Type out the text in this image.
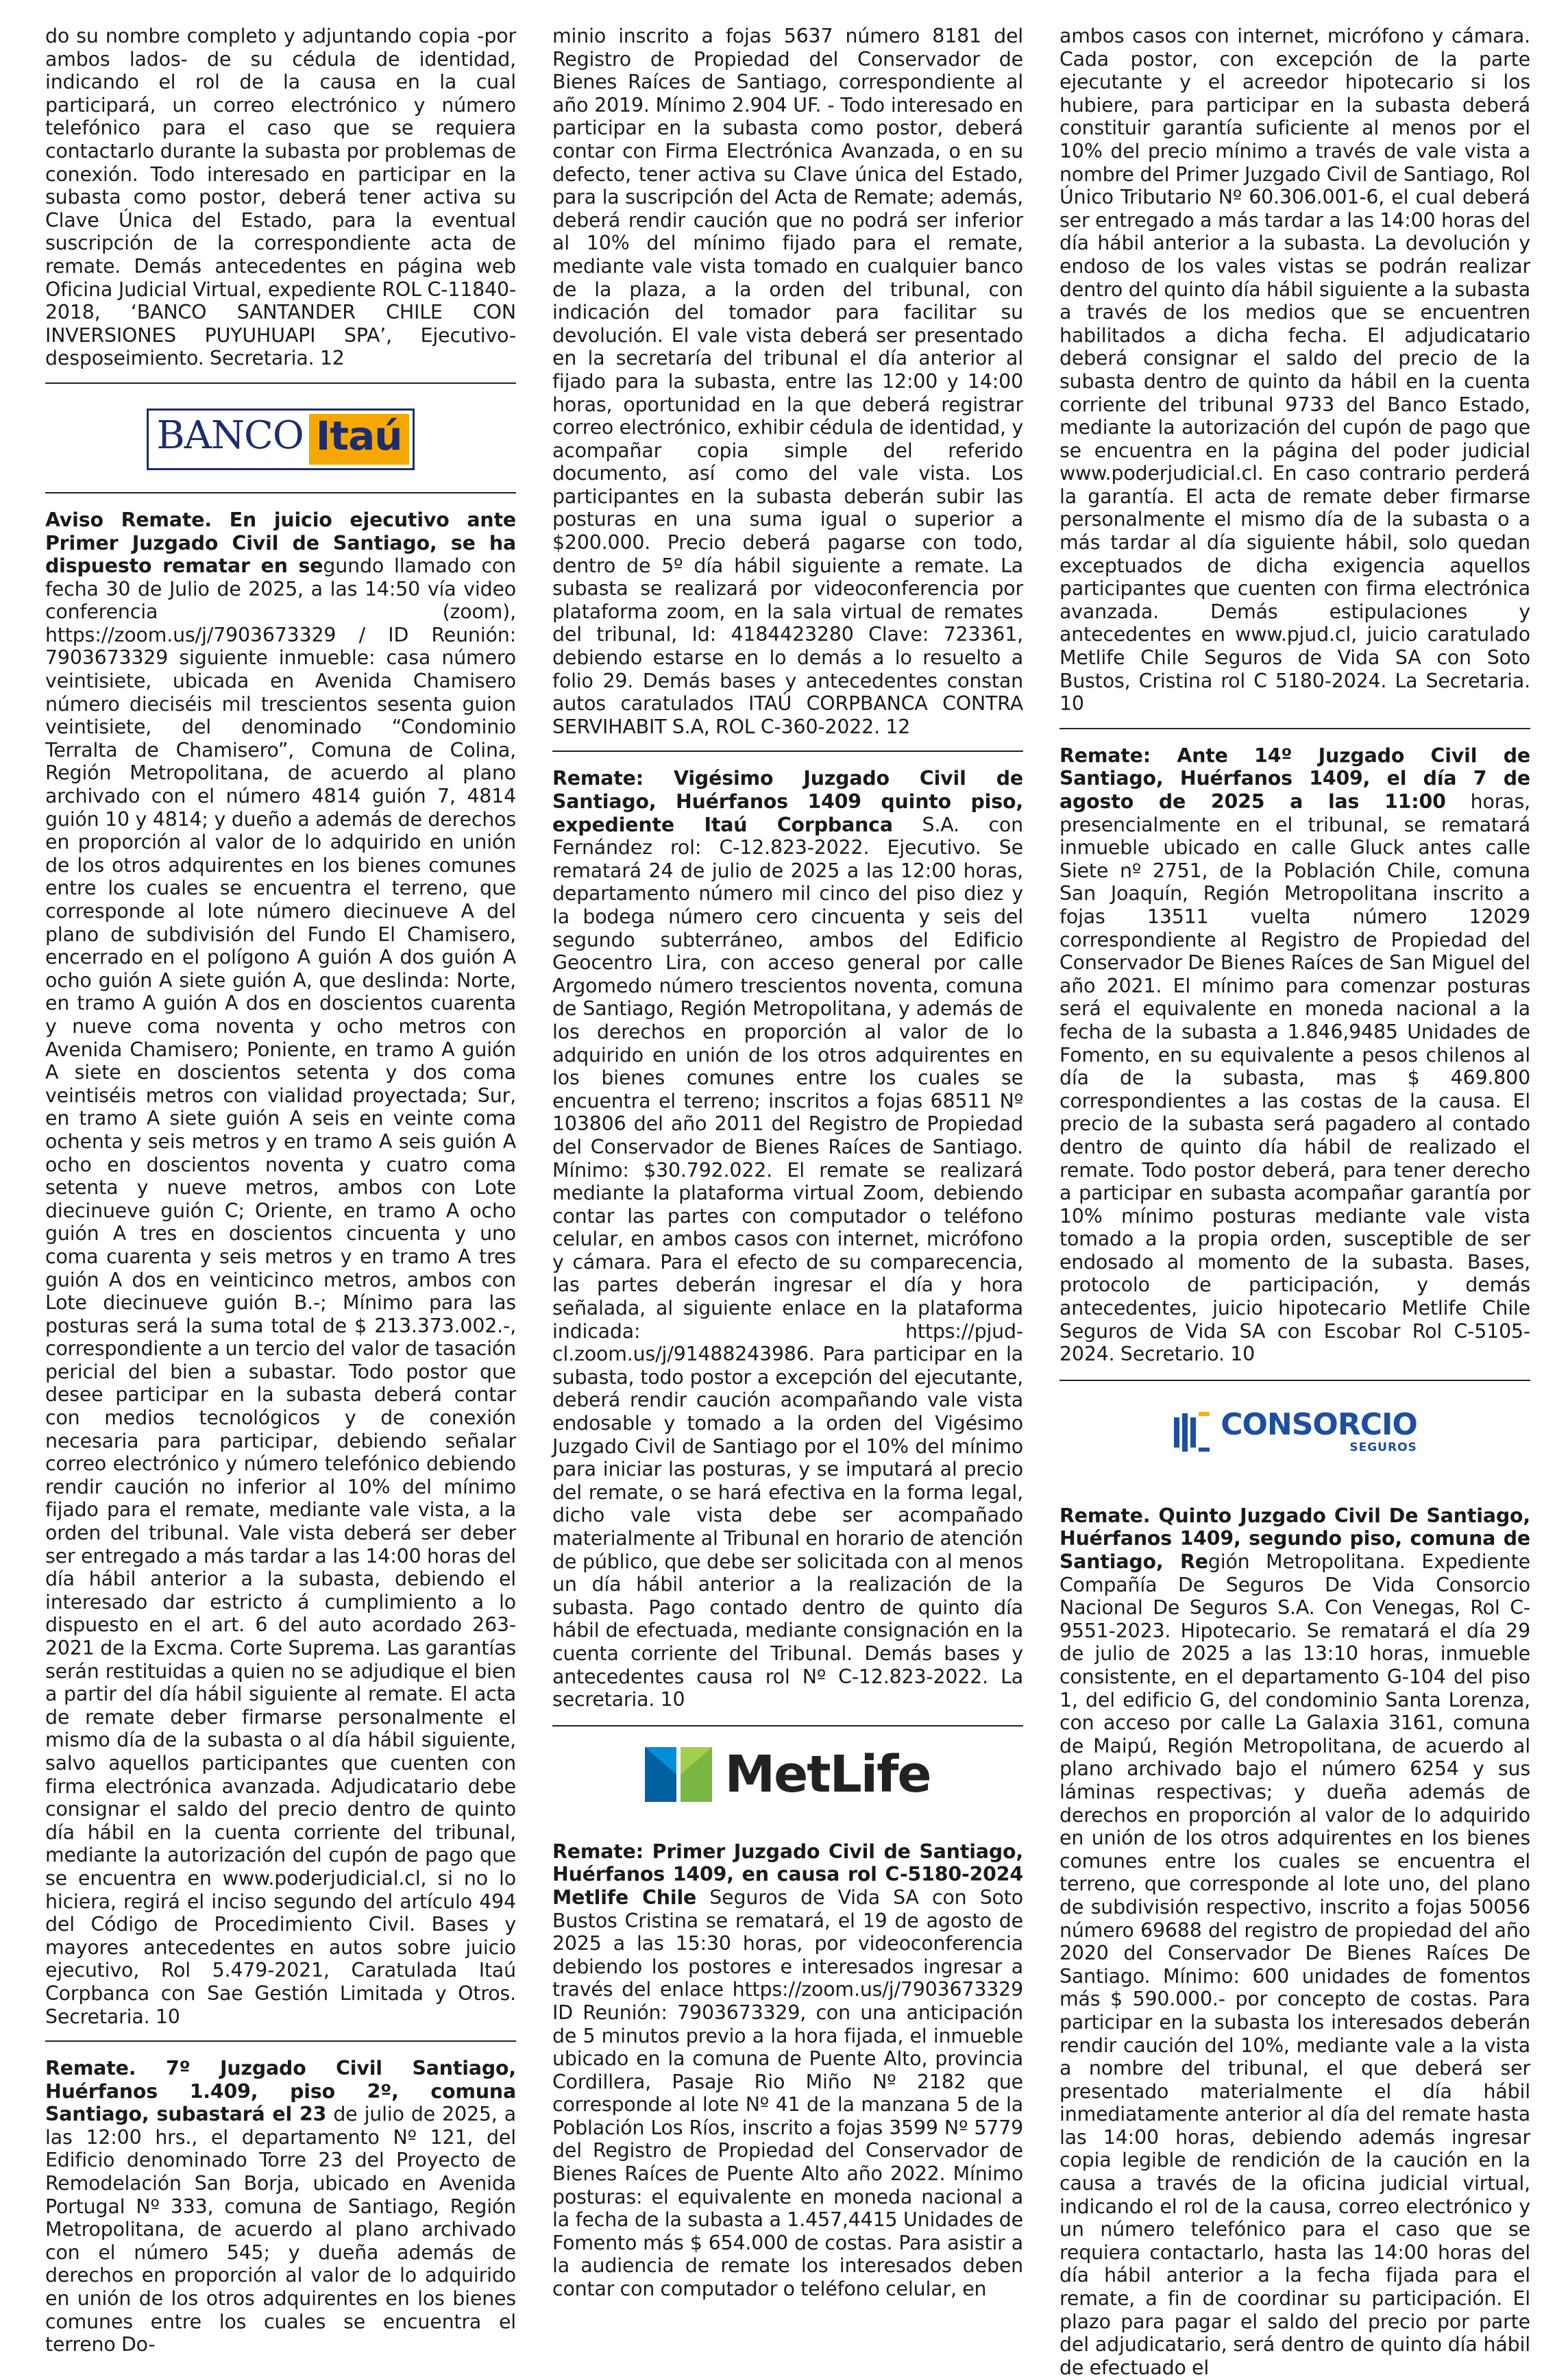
do su nombre completo y adjuntando copia -por ambos lados- de su cédula de identidad, indicando el rol de la causa en la cual participará, un correo electrónico y número telefónico para el caso que se requiera contactarlo durante la subasta por problemas de conexión. Todo interesado en participar en la subasta como postor, deberá tener activa su Clave Única del Estado, para la eventual suscripción de la correspondiente acta de remate. Demás antecedentes en página web Oficina Judicial Virtual, expediente ROL C-11840- 2018, ‘BANCO SANTANDER CHILE CON INVERSIONES PUYUHUAPI SPA’, Ejecutivo- desposeimiento. Secretaria. 12

BANCO Itaú

Aviso Remate. En juicio ejecutivo ante Primer Juzgado Civil de Santiago, se ha dispuesto rematar en segundo llamado con fecha 30 de Julio de 2025, a las 14:50 vía video conferencia (zoom), https://zoom.us/j/7903673329 / ID Reunión: 7903673329 siguiente inmueble: casa número veintisiete, ubicada en Avenida Chamisero número dieciséis mil trescientos sesenta guion veintisiete, del denominado “Condominio Terralta de Chamisero”, Comuna de Colina, Región Metropolitana, de acuerdo al plano archivado con el número 4814 guión 7, 4814 guión 10 y 4814; y dueño a además de derechos en proporción al valor de lo adquirido en unión de los otros adquirentes en los bienes comunes entre los cuales se encuentra el terreno, que corresponde al lote número diecinueve A del plano de subdivisión del Fundo El Chamisero, encerrado en el polígono A guión A dos guión A ocho guión A siete guión A, que deslinda: Norte, en tramo A guión A dos en doscientos cuarenta y nueve coma noventa y ocho metros con Avenida Chamisero; Poniente, en tramo A guión A siete en doscientos setenta y dos coma veintiséis metros con vialidad proyectada; Sur, en tramo A siete guión A seis en veinte coma ochenta y seis metros y en tramo A seis guión A ocho en doscientos noventa y cuatro coma setenta y nueve metros, ambos con Lote diecinueve guión C; Oriente, en tramo A ocho guión A tres en doscientos cincuenta y uno coma cuarenta y seis metros y en tramo A tres guión A dos en veinticinco metros, ambos con Lote diecinueve guión B.-; Mínimo para las posturas será la suma total de $ 213.373.002.-, correspondiente a un tercio del valor de tasación pericial del bien a subastar. Todo postor que desee participar en la subasta deberá contar con medios tecnológicos y de conexión necesaria para participar, debiendo señalar correo electrónico y número telefónico debiendo rendir caución no inferior al 10% del mínimo fijado para el remate, mediante vale vista, a la orden del tribunal. Vale vista deberá ser deber ser entregado a más tardar a las 14:00 horas del día hábil anterior a la subasta, debiendo el interesado dar estricto á cumplimiento a lo dispuesto en el art. 6 del auto acordado 263-2021 de la Excma. Corte Suprema. Las garantías serán restituidas a quien no se adjudique el bien a partir del día hábil siguiente al remate. El acta de remate deber firmarse personalmente el mismo día de la subasta o al día hábil siguiente, salvo aquellos participantes que cuenten con firma electrónica avanzada. Adjudicatario debe consignar el saldo del precio dentro de quinto día hábil en la cuenta corriente del tribunal, mediante la autorización del cupón de pago que se encuentra en www.poderjudicial.cl, si no lo hiciera, regirá el inciso segundo del artículo 494 del Código de Procedimiento Civil. Bases y mayores antecedentes en autos sobre juicio ejecutivo, Rol 5.479-2021, Caratulada Itaú Corpbanca con Sae Gestión Limitada y Otros. Secretaria. 10

Remate. 7º Juzgado Civil Santiago, Huérfanos 1.409, piso 2º, comuna Santiago, subastará el 23 de julio de 2025, a las 12:00 hrs., el departamento Nº 121, del Edificio denominado Torre 23 del Proyecto de Remodelación San Borja, ubicado en Avenida Portugal Nº 333, comuna de Santiago, Región Metropolitana, de acuerdo al plano archivado con el número 545; y dueña además de derechos en proporción al valor de lo adquirido en unión de los otros adquirentes en los bienes comunes entre los cuales se encuentra el terreno Do-

minio inscrito a fojas 5637 número 8181 del Registro de Propiedad del Conservador de Bienes Raíces de Santiago, correspondiente al año 2019. Mínimo 2.904 UF. - Todo interesado en participar en la subasta como postor, deberá contar con Firma Electrónica Avanzada, o en su defecto, tener activa su Clave única del Estado, para la suscripción del Acta de Remate; además, deberá rendir caución que no podrá ser inferior al 10% del mínimo fijado para el remate, mediante vale vista tomado en cualquier banco de la plaza, a la orden del tribunal, con indicación del tomador para facilitar su devolución. El vale vista deberá ser presentado en la secretaría del tribunal el día anterior al fijado para la subasta, entre las 12:00 y 14:00 horas, oportunidad en la que deberá registrar correo electrónico, exhibir cédula de identidad, y acompañar copia simple del referido documento, así como del vale vista. Los participantes en la subasta deberán subir las posturas en una suma igual o superior a $200.000. Precio deberá pagarse con todo, dentro de 5º día hábil siguiente a remate. La subasta se realizará por videoconferencia por plataforma zoom, en la sala virtual de remates del tribunal, Id: 4184423280 Clave: 723361, debiendo estarse en lo demás a lo resuelto a folio 29. Demás bases y antecedentes constan autos caratulados ITAÚ CORPBANCA CONTRA SERVIHABIT S.A, ROL C-360-2022. 12

Remate: Vigésimo Juzgado Civil de Santiago, Huérfanos 1409 quinto piso, expediente Itaú Corpbanca S.A. con Fernández rol: C-12.823-2022. Ejecutivo. Se rematará 24 de julio de 2025 a las 12:00 horas, departamento número mil cinco del piso diez y la bodega número cero cincuenta y seis del segundo subterráneo, ambos del Edificio Geocentro Lira, con acceso general por calle Argomedo número trescientos noventa, comuna de Santiago, Región Metropolitana, y además de los derechos en proporción al valor de lo adquirido en unión de los otros adquirentes en los bienes comunes entre los cuales se encuentra el terreno; inscritos a fojas 68511 Nº 103806 del año 2011 del Registro de Propiedad del Conservador de Bienes Raíces de Santiago. Mínimo: $30.792.022. El remate se realizará mediante la plataforma virtual Zoom, debiendo contar las partes con computador o teléfono celular, en ambos casos con internet, micrófono y cámara. Para el efecto de su comparecencia, las partes deberán ingresar el día y hora señalada, al siguiente enlace en la plataforma indicada: https://pjud-cl.zoom.us/j/91488243986. Para participar en la subasta, todo postor a excepción del ejecutante, deberá rendir caución acompañando vale vista endosable y tomado a la orden del Vigésimo Juzgado Civil de Santiago por el 10% del mínimo para iniciar las posturas, y se imputará al precio del remate, o se hará efectiva en la forma legal, dicho vale vista debe ser acompañado materialmente al Tribunal en horario de atención de público, que debe ser solicitada con al menos un día hábil anterior a la realización de la subasta. Pago contado dentro de quinto día hábil de efectuada, mediante consignación en la cuenta corriente del Tribunal. Demás bases y antecedentes causa rol Nº C-12.823-2022. La secretaria. 10

MetLife

Remate: Primer Juzgado Civil de Santiago, Huérfanos 1409, en causa rol C-5180-2024 Metlife Chile Seguros de Vida SA con Soto Bustos Cristina se rematará, el 19 de agosto de 2025 a las 15:30 horas, por videoconferencia debiendo los postores e interesados ingresar a través del enlace https://zoom.us/j/7903673329 ID Reunión: 7903673329, con una anticipación de 5 minutos previo a la hora fijada, el inmueble ubicado en la comuna de Puente Alto, provincia Cordillera, Pasaje Rio Miño Nº 2182 que corresponde al lote Nº 41 de la manzana 5 de la Población Los Ríos, inscrito a fojas 3599 Nº 5779 del Registro de Propiedad del Conservador de Bienes Raíces de Puente Alto año 2022. Mínimo posturas: el equivalente en moneda nacional a la fecha de la subasta a 1.457,4415 Unidades de Fomento más $ 654.000 de costas. Para asistir a la audiencia de remate los interesados deben contar con computador o teléfono celular, en

ambos casos con internet, micrófono y cámara. Cada postor, con excepción de la parte ejecutante y el acreedor hipotecario si los hubiere, para participar en la subasta deberá constituir garantía suficiente al menos por el 10% del precio mínimo a través de vale vista a nombre del Primer Juzgado Civil de Santiago, Rol Único Tributario Nº 60.306.001-6, el cual deberá ser entregado a más tardar a las 14:00 horas del día hábil anterior a la subasta. La devolución y endoso de los vales vistas se podrán realizar dentro del quinto día hábil siguiente a la subasta a través de los medios que se encuentren habilitados a dicha fecha. El adjudicatario deberá consignar el saldo del precio de la subasta dentro de quinto da hábil en la cuenta corriente del tribunal 9733 del Banco Estado, mediante la autorización del cupón de pago que se encuentra en la página del poder judicial www.poderjudicial.cl. En caso contrario perderá la garantía. El acta de remate deber firmarse personalmente el mismo día de la subasta o a más tardar al día siguiente hábil, solo quedan exceptuados de dicha exigencia aquellos participantes que cuenten con firma electrónica avanzada. Demás estipulaciones y antecedentes en www.pjud.cl, juicio caratulado Metlife Chile Seguros de Vida SA con Soto Bustos, Cristina rol C 5180-2024. La Secretaria. 10

Remate: Ante 14º Juzgado Civil de Santiago, Huérfanos 1409, el día 7 de agosto de 2025 a las 11:00 horas, presencialmente en el tribunal, se rematará inmueble ubicado en calle Gluck antes calle Siete nº 2751, de la Población Chile, comuna San Joaquín, Región Metropolitana inscrito a fojas 13511 vuelta número 12029 correspondiente al Registro de Propiedad del Conservador De Bienes Raíces de San Miguel del año 2021. El mínimo para comenzar posturas será el equivalente en moneda nacional a la fecha de la subasta a 1.846,9485 Unidades de Fomento, en su equivalente a pesos chilenos al día de la subasta, mas $ 469.800 correspondientes a las costas de la causa. El precio de la subasta será pagadero al contado dentro de quinto día hábil de realizado el remate. Todo postor deberá, para tener derecho a participar en subasta acompañar garantía por 10% mínimo posturas mediante vale vista tomado a la propia orden, susceptible de ser endosado al momento de la subasta. Bases, protocolo de participación, y demás antecedentes, juicio hipotecario Metlife Chile Seguros de Vida SA con Escobar Rol C-5105-2024. Secretario. 10

CONSORCIO
SEGUROS

Remate. Quinto Juzgado Civil De Santiago, Huérfanos 1409, segundo piso, comuna de Santiago, Región Metropolitana. Expediente Compañía De Seguros De Vida Consorcio Nacional De Seguros S.A. Con Venegas, Rol C-9551-2023. Hipotecario. Se rematará el día 29 de julio de 2025 a las 13:10 horas, inmueble consistente, en el departamento G-104 del piso 1, del edificio G, del condominio Santa Lorenza, con acceso por calle La Galaxia 3161, comuna de Maipú, Región Metropolitana, de acuerdo al plano archivado bajo el número 6254 y sus láminas respectivas; y dueña además de derechos en proporción al valor de lo adquirido en unión de los otros adquirentes en los bienes comunes entre los cuales se encuentra el terreno, que corresponde al lote uno, del plano de subdivisión respectivo, inscrito a fojas 50056 número 69688 del registro de propiedad del año 2020 del Conservador De Bienes Raíces De Santiago. Mínimo: 600 unidades de fomentos más $ 590.000.- por concepto de costas. Para participar en la subasta los interesados deberán rendir caución del 10%, mediante vale a la vista a nombre del tribunal, el que deberá ser presentado materialmente el día hábil inmediatamente anterior al día del remate hasta las 14:00 horas, debiendo además ingresar copia legible de rendición de la caución en la causa a través de la oficina judicial virtual, indicando el rol de la causa, correo electrónico y un número telefónico para el caso que se requiera contactarlo, hasta las 14:00 horas del día hábil anterior a la fecha fijada para el remate, a fin de coordinar su participación. El plazo para pagar el saldo del precio por parte del adjudicatario, será dentro de quinto día hábil de efectuado el
